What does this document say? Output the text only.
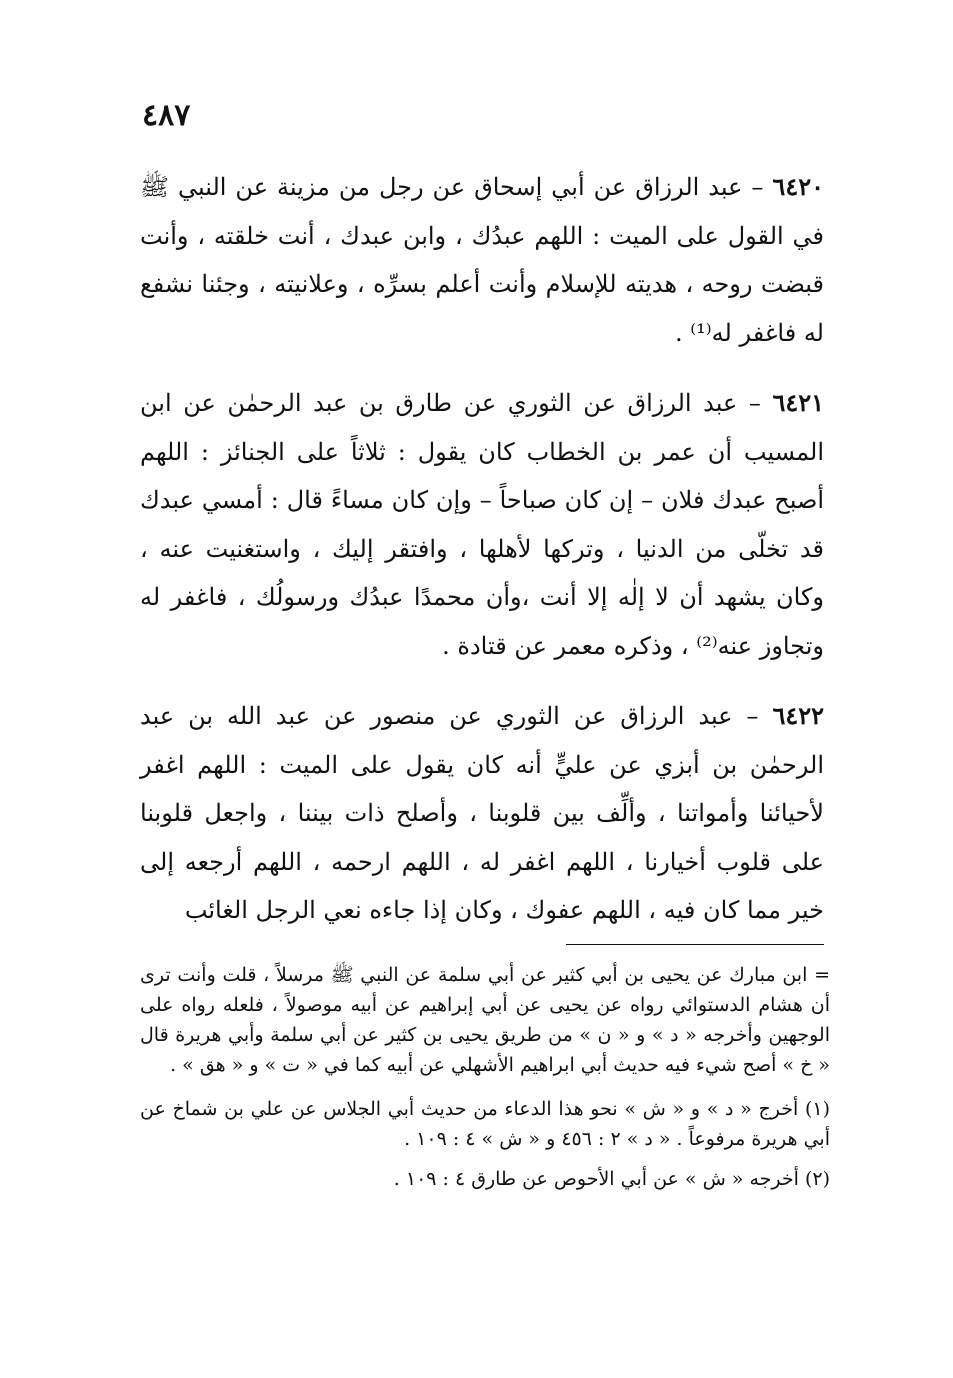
٤٨٧

٦٤٢٠ – عبد الرزاق عن أبي إسحاق عن رجل من مزينة عن النبي ﷺ في القول على الميت : اللهم عبدُك ، وابن عبدك ، أنت خلقته ، وأنت قبضت روحه ، هديته للإسلام وأنت أعلم بسرِّه ، وعلانيته ، وجئنا نشفع له فاغفر له⁽¹⁾ .

٦٤٢١ – عبد الرزاق عن الثوري عن طارق بن عبد الرحمٰن عن ابن المسيب أن عمر بن الخطاب كان يقول : ثلاثاً على الجنائز : اللهم أصبح عبدك فلان – إن كان صباحاً – وإن كان مساءً قال : أمسي عبدك قد تخلّى من الدنيا ، وتركها لأهلها ، وافتقر إليك ، واستغنيت عنه ، وكان يشهد أن لا إلٰه إلا أنت ،وأن محمدًا عبدُك ورسولُك ، فاغفر له وتجاوز عنه⁽²⁾ ، وذكره معمر عن قتادة .

٦٤٢٢ – عبد الرزاق عن الثوري عن منصور عن عبد الله بن عبد الرحمٰن بن أبزي عن عليٍّ أنه كان يقول على الميت : اللهم اغفر لأحيائنا وأمواتنا ، وألِّف بين قلوبنا ، وأصلح ذات بيننا ، واجعل قلوبنا على قلوب أخيارنا ، اللهم اغفر له ، اللهم ارحمه ، اللهم أرجعه إلى خير مما كان فيه ، اللهم عفوك ، وكان إذا جاءه نعي الرجل الغائب

= ابن مبارك عن يحيى بن أبي كثير عن أبي سلمة عن النبي ﷺ مرسلاً ، قلت وأنت ترى أن هشام الدستوائي رواه عن يحيى عن أبي إبراهيم عن أبيه موصولاً ، فلعله رواه على الوجهين وأخرجه « د » و « ن » من طريق يحيى بن كثير عن أبي سلمة وأبي هريرة قال « خ » أصح شيء فيه حديث أبي ابراهيم الأشهلي عن أبيه كما في « ت » و « هق » .

(١) أخرج « د » و « ش » نحو هذا الدعاء من حديث أبي الجلاس عن علي بن شماخ عن أبي هريرة مرفوعاً . « د » ٢ : ٤٥٦ و « ش » ٤ : ١٠٩ .

(٢) أخرجه « ش » عن أبي الأحوص عن طارق ٤ : ١٠٩ .
